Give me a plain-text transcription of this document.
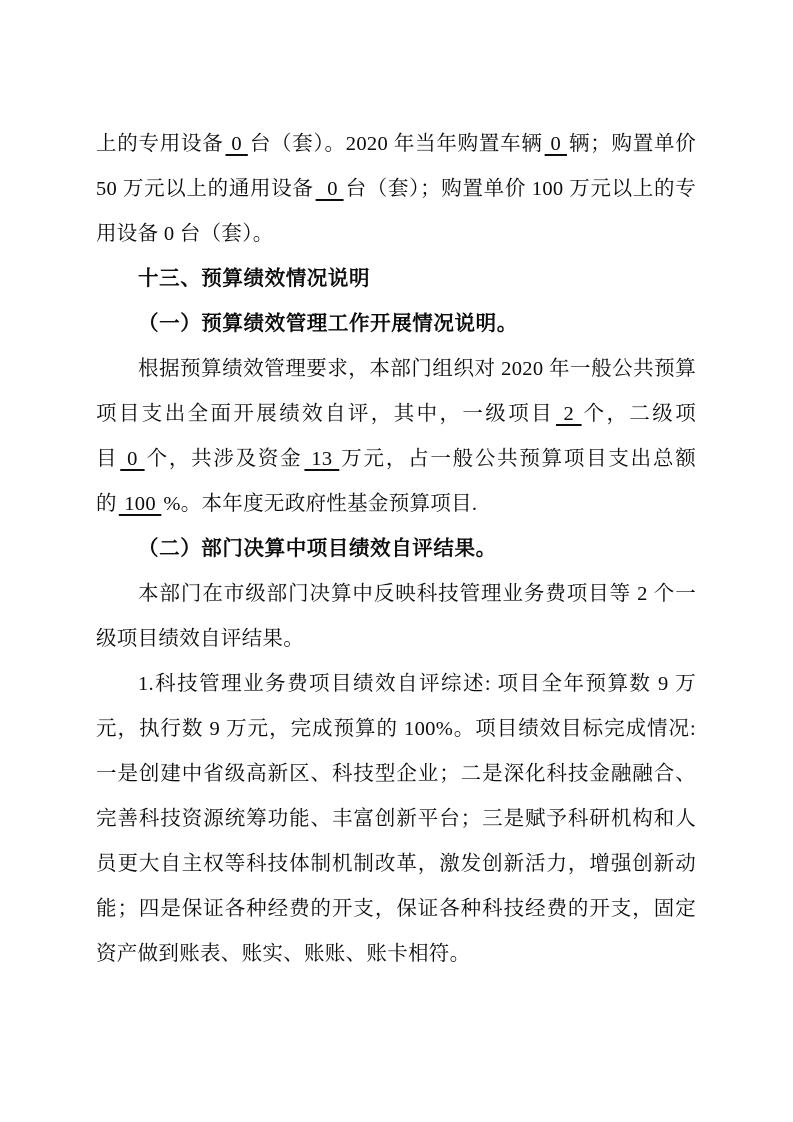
上的专用设备 0 台（套）。2020 年当年购置车辆 0 辆；购置单价 50 万元以上的通用设备  0 台（套）；购置单价 100 万元以上的专用设备 0 台（套）。

十三、预算绩效情况说明

（一）预算绩效管理工作开展情况说明。

根据预算绩效管理要求，本部门组织对 2020 年一般公共预算项目支出全面开展绩效自评，其中，一级项目 2 个，二级项目 0 个，共涉及资金 13 万元，占一般公共预算项目支出总额的 100 %。本年度无政府性基金预算项目.

（二）部门决算中项目绩效自评结果。

本部门在市级部门决算中反映科技管理业务费项目等 2 个一级项目绩效自评结果。

1.科技管理业务费项目绩效自评综述: 项目全年预算数 9 万元，执行数 9 万元，完成预算的 100%。项目绩效目标完成情况: 一是创建中省级高新区、科技型企业；二是深化科技金融融合、完善科技资源统筹功能、丰富创新平台；三是赋予科研机构和人员更大自主权等科技体制机制改革，激发创新活力，增强创新动能；四是保证各种经费的开支，保证各种科技经费的开支，固定资产做到账表、账实、账账、账卡相符。
